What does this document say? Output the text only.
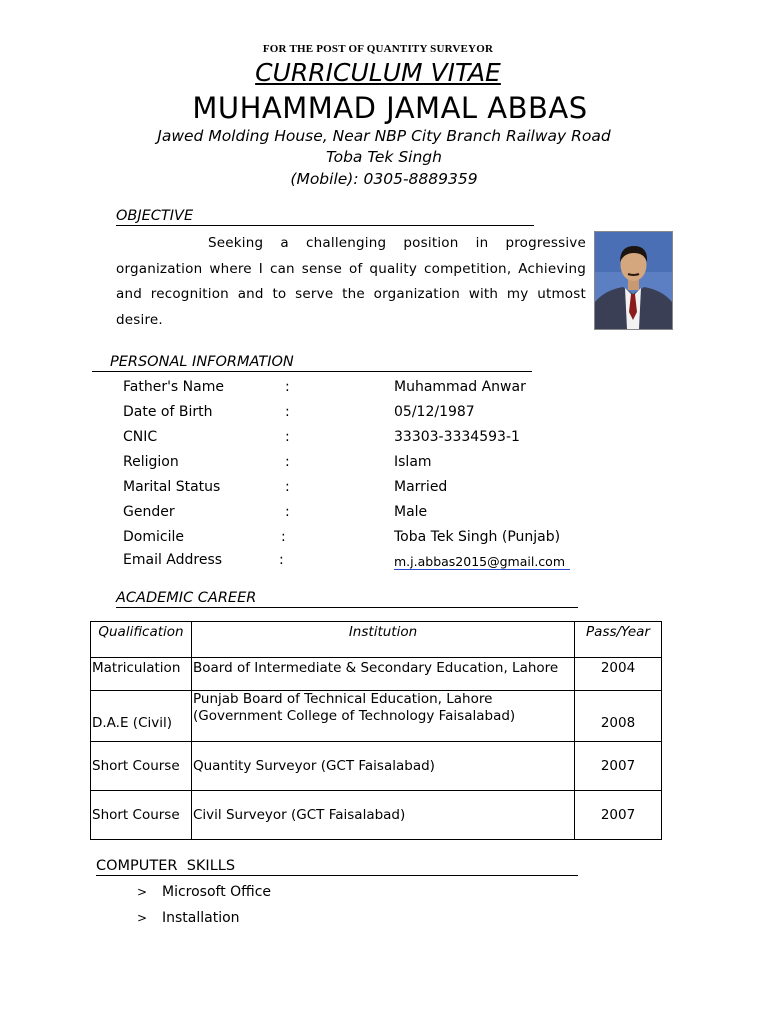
FOR THE POST OF QUANTITY SURVEYOR
CURRICULUM VITAE
MUHAMMAD JAMAL ABBAS
Jawed Molding House, Near NBP City Branch Railway Road
Toba Tek Singh
(Mobile): 0305-8889359
OBJECTIVE
Seeking a challenging position in progressive organization where I can sense of quality competition, Achieving and recognition and to serve the organization with my utmost desire.
PERSONAL INFORMATION
Father's Name	:	Muhammad Anwar
Date of Birth	:	05/12/1987
CNIC	:	33303-3334593-1
Religion	:	Islam
Marital Status	:	Married
Gender	:	Male
Domicile	:	Toba Tek Singh (Punjab)
Email Address	:	m.j.abbas2015@gmail.com
ACADEMIC CAREER
Qualification	Institution	Pass/Year
Matriculation	Board of Intermediate & Secondary Education, Lahore	2004
D.A.E (Civil)	Punjab Board of Technical Education, Lahore
(Government College of Technology Faisalabad)	2008
Short Course	Quantity Surveyor (GCT Faisalabad)	2007
Short Course	Civil Surveyor (GCT Faisalabad)	2007
COMPUTER  SKILLS
> Microsoft Office
> Installation
